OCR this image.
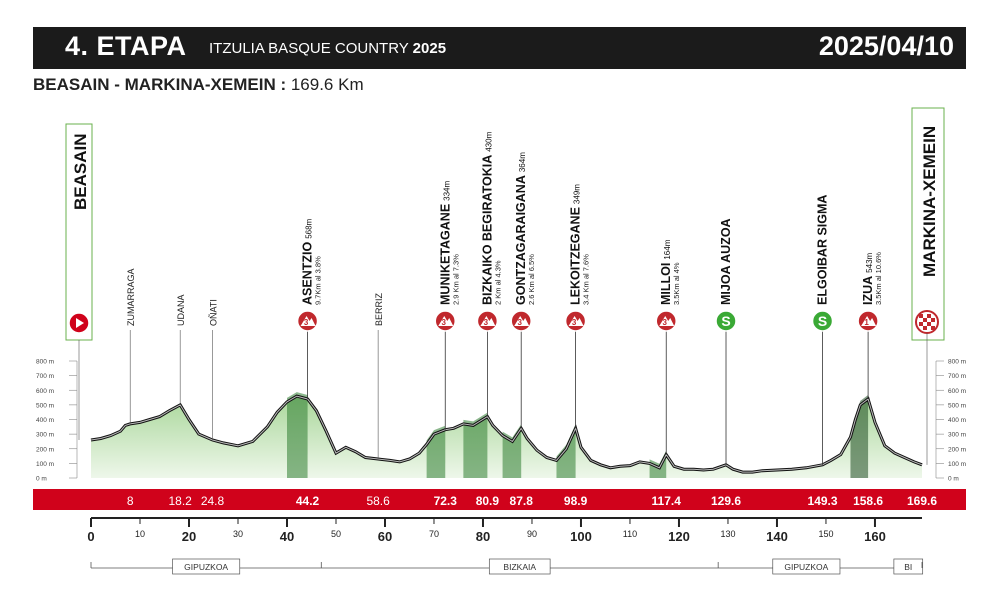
4. ETAPA ITZULIA BASQUE COUNTRY 2025	2025/04/10
BEASAIN - MARKINA-XEMEIN : 169.6 Km
0 m	0 m
100 m	100 m
200 m	200 m
300 m	300 m
400 m	400 m
500 m	500 m
600 m	600 m
700 m	700 m
800 m	800 m
8	18.2 24.8	44.2	58.6	72.3 80.9 87.8	98.9	117.4	129.6	149.3 158.6 169.6
ZUMARRAGA	UDANA OÑATI	3
ASENTZIO568m
9.7Km al 3.8%
BERRIZ	3
MUNIKETAGANE334m
2.9 Km al 7.3%
3
BIZKAIKO BEGIRATOKIA430m
2 Km al 4.3%
3
GONTZAGARAIGANA364m
2.6 Km al 6.5%
3
LEKOITZEGANE349m
3.4 Km al 7.6%
3
MILLOI164m
3.5Km al 4%
S
MIJOA AUZOA
S
ELGOIBAR SIGMA
1
IZUA543m 3.5Km al 10.6%
BEASAIN	MARKINA-XEMEIN
0	10	20	30	40	50	60	70	80	90	100	110 120	130 140	150 160
GIPUZKOA	BIZKAIA	GIPUZKOA	BI
